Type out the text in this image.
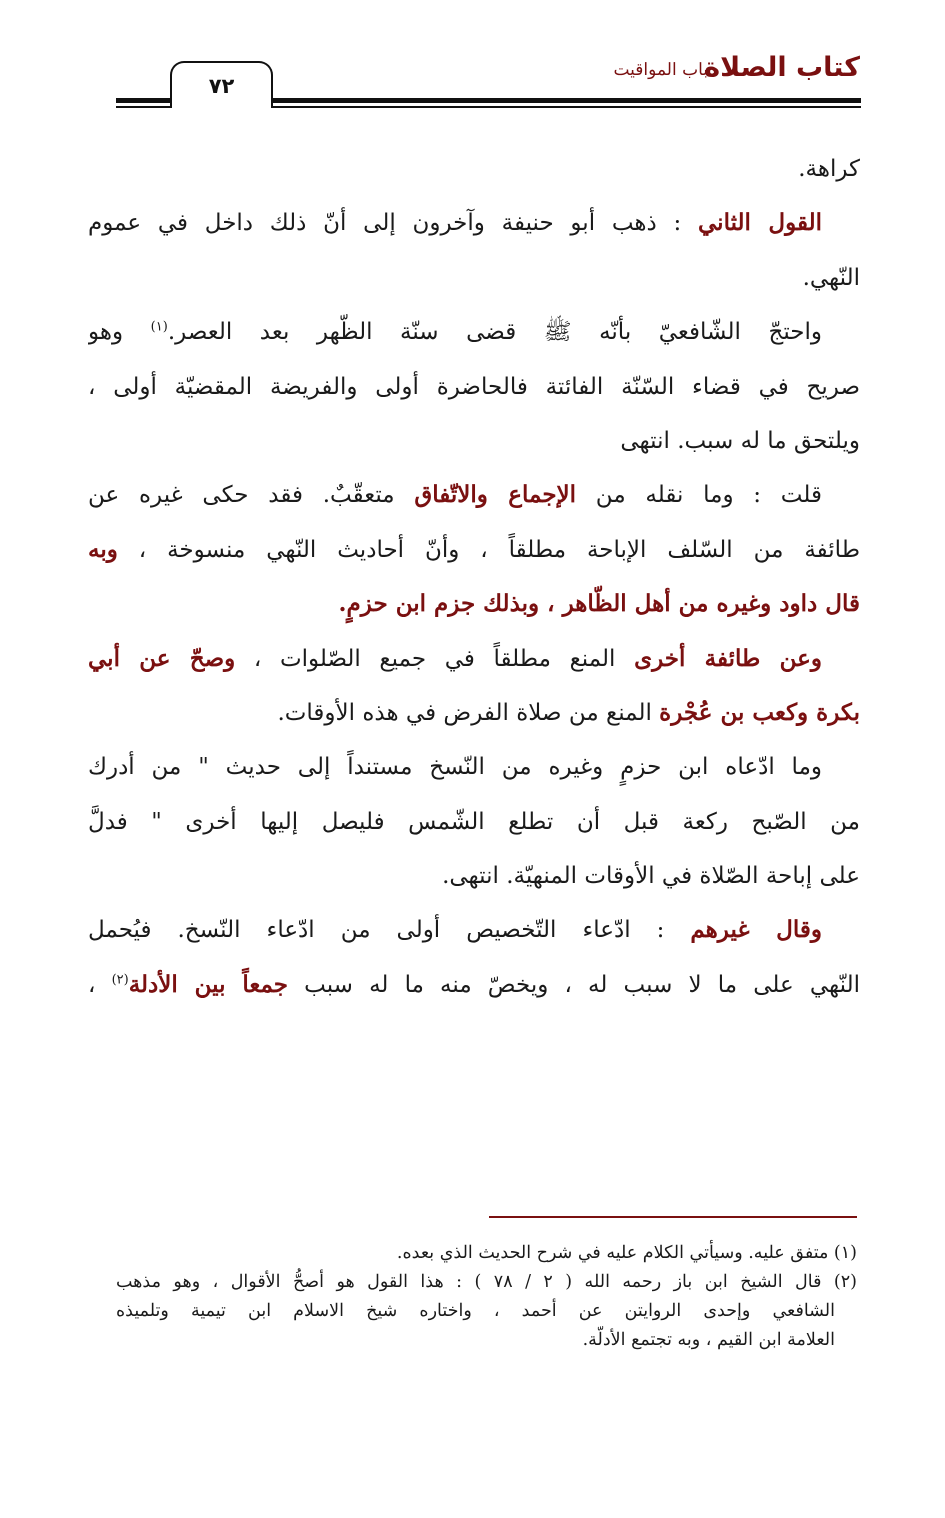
كتاب الصلاة
باب المواقيت
٧٢
كراهة.
القول الثاني : ذهب أبو حنيفة وآخرون إلى أنّ ذلك داخل في عموم
النّهي.
واحتجّ الشّافعيّ بأنّه ﷺ قضى سنّة الظّهر بعد العصر.$^{(١)}$ وهو
صريح في قضاء السّنّة الفائتة فالحاضرة أولى والفريضة المقضيّة أولى ،
ويلتحق ما له سبب. انتهى
قلت : وما نقله من الإجماع والاتّفاق متعقّبٌ. فقد حكى غيره عن
طائفة من السّلف الإباحة مطلقاً ، وأنّ أحاديث النّهي منسوخة ، وبه
قال داود وغيره من أهل الظّاهر ، وبذلك جزم ابن حزمٍ.
وعن طائفة أخرى المنع مطلقاً في جميع الصّلوات ، وصحّ عن أبي
بكرة وكعب بن عُجْرة المنع من صلاة الفرض في هذه الأوقات.
وما ادّعاه ابن حزمٍ وغيره من النّسخ مستنداً إلى حديث " من أدرك
من الصّبح ركعة قبل أن تطلع الشّمس فليصل إليها أخرى " فدلَّ
على إباحة الصّلاة في الأوقات المنهيّة. انتهى.
وقال غيرهم : ادّعاء التّخصيص أولى من ادّعاء النّسخ. فيُحمل
النّهي على ما لا سبب له ، ويخصّ منه ما له سبب جمعاً بين الأدلة$^{(٢)}$ ،
(١) متفق عليه. وسيأتي الكلام عليه في شرح الحديث الذي بعده.
(٢) قال الشيخ ابن باز رحمه الله ( ٢ / ٧٨ ) : هذا القول هو أصحُّ الأقوال ، وهو مذهب
الشافعي وإحدى الروايتن عن أحمد ، واختاره شيخ الاسلام ابن تيمية وتلميذه
العلامة ابن القيم ، وبه تجتمع الأدلّة.
